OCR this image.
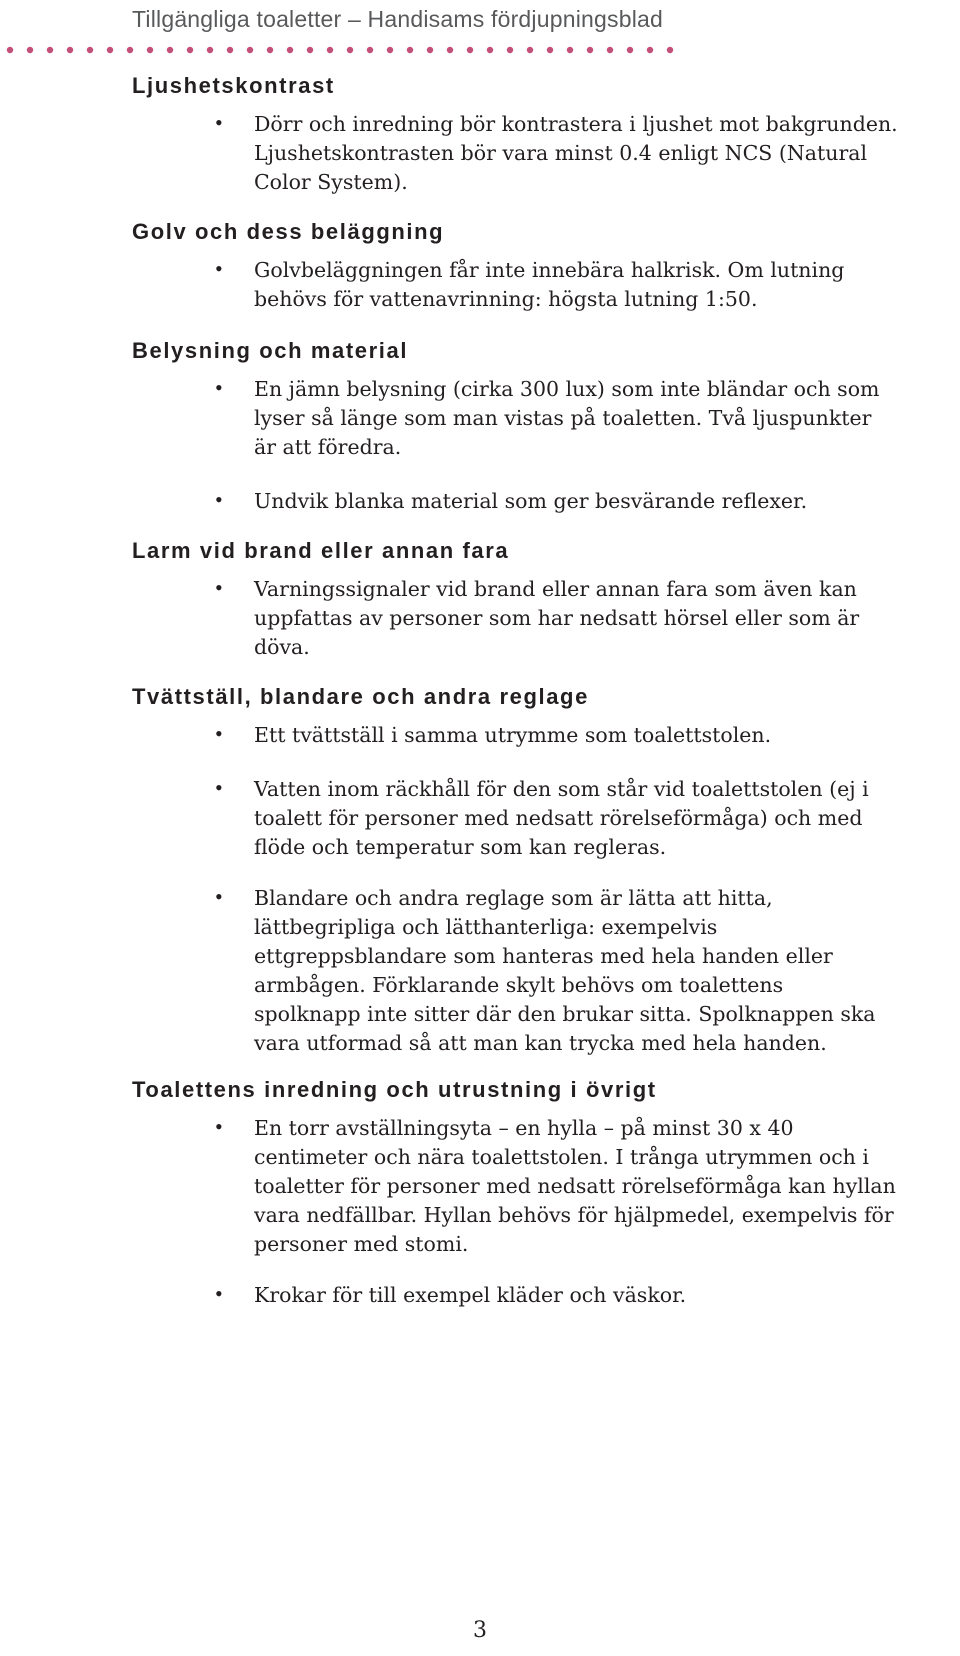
Tillgängliga toaletter – Handisams fördjupningsblad
Ljushetskontrast
• Dörr och inredning bör kontrastera i ljushet mot bakgrunden.
Ljushetskontrasten bör vara minst 0.4 enligt NCS (Natural
Color System).
Golv och dess beläggning
• Golvbeläggningen får inte innebära halkrisk. Om lutning
behövs för vattenavrinning: högsta lutning 1:50.
Belysning och material
• En jämn belysning (cirka 300 lux) som inte bländar och som
lyser så länge som man vistas på toaletten. Två ljuspunkter
är att föredra.
• Undvik blanka material som ger besvärande reflexer.
Larm vid brand eller annan fara
• Varningssignaler vid brand eller annan fara som även kan
uppfattas av personer som har nedsatt hörsel eller som är
döva.
Tvättställ, blandare och andra reglage
• Ett tvättställ i samma utrymme som toalettstolen.
• Vatten inom räckhåll för den som står vid toalettstolen (ej i
toalett för personer med nedsatt rörelseförmåga) och med
flöde och temperatur som kan regleras.
• Blandare och andra reglage som är lätta att hitta,
lättbegripliga och lätthanterliga: exempelvis
ettgreppsblandare som hanteras med hela handen eller
armbågen. Förklarande skylt behövs om toalettens
spolknapp inte sitter där den brukar sitta. Spolknappen ska
vara utformad så att man kan trycka med hela handen.
Toalettens inredning och utrustning i övrigt
• En torr avställningsyta – en hylla – på minst 30 x 40
centimeter och nära toalettstolen. I trånga utrymmen och i
toaletter för personer med nedsatt rörelseförmåga kan hyllan
vara nedfällbar. Hyllan behövs för hjälpmedel, exempelvis för
personer med stomi.
• Krokar för till exempel kläder och väskor.
3
